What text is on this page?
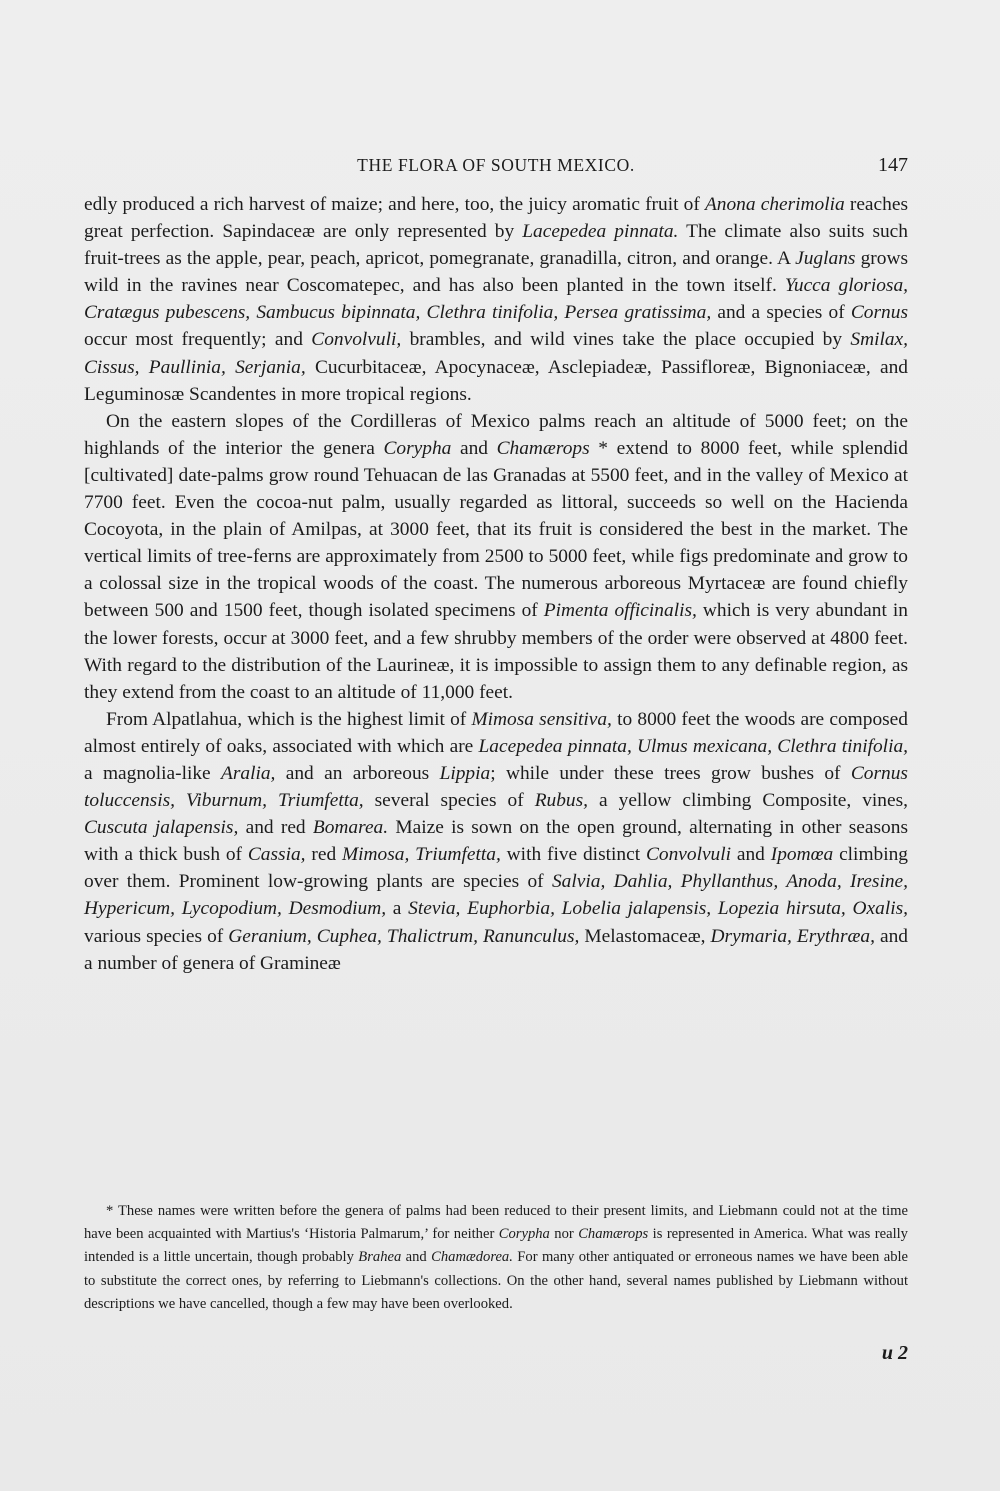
THE FLORA OF SOUTH MEXICO.	147

edly produced a rich harvest of maize; and here, too, the juicy aromatic fruit of Anona cherimolia reaches great perfection. Sapindaceæ are only represented by Lacepedea pinnata. The climate also suits such fruit-trees as the apple, pear, peach, apricot, pomegranate, granadilla, citron, and orange. A Juglans grows wild in the ravines near Coscomatepec, and has also been planted in the town itself. Yucca gloriosa, Cratægus pubescens, Sambucus bipinnata, Clethra tinifolia, Persea gratissima, and a species of Cornus occur most frequently; and Convolvuli, brambles, and wild vines take the place occupied by Smilax, Cissus, Paullinia, Serjania, Cucurbitaceæ, Apocynaceæ, Asclepiadeæ, Passifloreæ, Bignoniaceæ, and Leguminosæ Scandentes in more tropical regions.

On the eastern slopes of the Cordilleras of Mexico palms reach an altitude of 5000 feet; on the highlands of the interior the genera Corypha and Chamærops * extend to 8000 feet, while splendid [cultivated] date-palms grow round Tehuacan de las Granadas at 5500 feet, and in the valley of Mexico at 7700 feet. Even the cocoa-nut palm, usually regarded as littoral, succeeds so well on the Hacienda Cocoyota, in the plain of Amilpas, at 3000 feet, that its fruit is considered the best in the market. The vertical limits of tree-ferns are approximately from 2500 to 5000 feet, while figs predominate and grow to a colossal size in the tropical woods of the coast. The numerous arboreous Myrtaceæ are found chiefly between 500 and 1500 feet, though isolated specimens of Pimenta officinalis, which is very abundant in the lower forests, occur at 3000 feet, and a few shrubby members of the order were observed at 4800 feet. With regard to the distribution of the Laurineæ, it is impossible to assign them to any definable region, as they extend from the coast to an altitude of 11,000 feet.

From Alpatlahua, which is the highest limit of Mimosa sensitiva, to 8000 feet the woods are composed almost entirely of oaks, associated with which are Lacepedea pinnata, Ulmus mexicana, Clethra tinifolia, a magnolia-like Aralia, and an arboreous Lippia; while under these trees grow bushes of Cornus toluccensis, Viburnum, Triumfetta, several species of Rubus, a yellow climbing Composite, vines, Cuscuta jalapensis, and red Bomarea. Maize is sown on the open ground, alternating in other seasons with a thick bush of Cassia, red Mimosa, Triumfetta, with five distinct Convolvuli and Ipomœa climbing over them. Prominent low-growing plants are species of Salvia, Dahlia, Phyllanthus, Anoda, Iresine, Hypericum, Lycopodium, Desmodium, a Stevia, Euphorbia, Lobelia jalapensis, Lopezia hirsuta, Oxalis, various species of Geranium, Cuphea, Thalictrum, Ranunculus, Melastomaceæ, Drymaria, Erythræa, and a number of genera of Gramineæ

* These names were written before the genera of palms had been reduced to their present limits, and Liebmann could not at the time have been acquainted with Martius's ‘Historia Palmarum,’ for neither Corypha nor Chamærops is represented in America. What was really intended is a little uncertain, though probably Brahea and Chamædorea. For many other antiquated or erroneous names we have been able to substitute the correct ones, by referring to Liebmann's collections. On the other hand, several names published by Liebmann without descriptions we have cancelled, though a few may have been overlooked.

u 2
